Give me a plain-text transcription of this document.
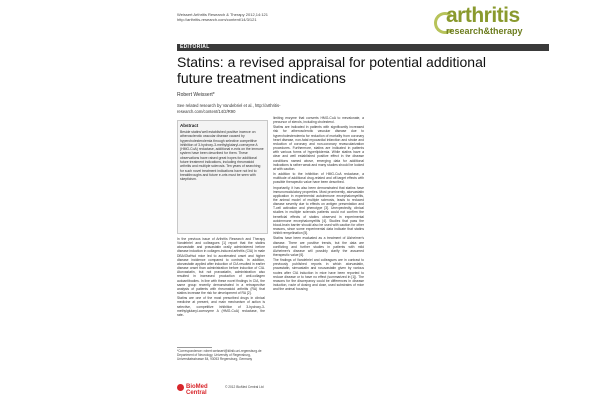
Weissert Arthritis Research & Therapy 2012,14:121
http://arthritis-research.com/content/14/3/121	arthritis
research&therapy
EDITORIAL
Statins: a revised appraisal for potential additional future treatment indications
Robert Weissert*
See related research by Vandebriel et al., http://arthritis-research.com/content/14/2/R90
Abstract

Beside statins'well established positive incence on atherosclerotic vascular disease caused by hypercholesterolemia through selective competitive inhibition of 3-hydroxy-3-methylglutaryl-coenzyme A (HMG-CoA) reductase, additional e-ects on the immune system have been described for them. These observations have raised great hopes for additional future treatment indications, including rheumatoid arthritis and multiple sclerosis. Ten years of searching for such novel treatment indications have not led to breakthroughs and future e-orts must be seen with skepticism.

In the previous issue of Arthritis Research and Therapy Vandebriel and colleagues [1] report that the statins atorvastatin and pravastatin orally administered before disease induction in collagen-induced arthritis (CIA) in male DBA/OlaHsd mice led to accelerated onset and higher disease incidence compared to controls. In addition, atorvastatin applied after induction of CIA resulted in earlier disease onset than administration before induction of CIA. Atorvastatin, but not pravastatin, administration also resulted in increased production of anti-collagen autoantibodies. In line with these novel findings in CIA, the same group recently demonstrated in a retrospective analysis of patients with rheumatoid arthritis (RA) that statins increase the risk for development of RA [2].

Statins are one of the most prescribed drugs in clinical medicine at present, and main mechanism of action is selective, competitive inhibition of 3-hydroxy-3-methylglutaryl-coenzyme A (HMG-CoA) reductase, the rate-

*Correspondence: robert.weissert@klinik.uni-regensburg.de Department of Neurology, University of Regensburg, Universitatsstrasse 84, 93053 Regensburg, Germany
BioMed Central
© 2012 BioMed Central Ltd

limiting enzyme that converts HMG-CoA to mevalonate, a precursor of sterols, including cholesterol.

Statins are indicated in patients with significantly increased risk for atherosclerotic vascular disease due to hypercholesterolemia for reduction of mortality from coronary heart disease, non-fatal myocardial infarction and stroke and reduction of coronary and non-coronary revascularization procedures. Furthermore, statins are indicated in patients with various forms of hyperlipidemia. While statins have a clear and well established positive effect in the disease conditions named above, emerging data for additional indications is rather weak and many studies should be looked at with caution.

In addition to the inhibition of HMG-CoA reductase, a multitude of additional drug-related and off-target effects with possible therapeutic value have been described.

Importantly, it has also been demonstrated that statins have immunomodulatory properties. Most prominently, atorvastatin application in experimental autoimmune encephalomyelitis, the animal model of multiple sclerosis, leads to reduced disease severity due to effects on antigen presentation and T-cell activation and phenotype [3]. Unexpectedly, clinical studies in multiple sclerosis patients could not confirm the beneficial effects of statins observed in experimental autoimmune encephalomyelitis [4]. Studies that pass the blood-brain barrier should also be used with caution for other reasons, since some experimental data indicate that statins inhibit remyelination [5].

Statins have been evaluated as a treatment of Alzheimer's disease. There are positive trends, but the data are conflicting and further studies in patients with mild Alzheimer's disease will possibly clarify the assumed therapeutic value [6].

The findings of Vandebriel and colleagues are in contrast to previously published reports in which atorvastatin, pravastatin, simvastatin and rosuvastatin given by various routes after CIA induction in mice have been reported to reduce disease or to have no effect (summarized in [1]). The reasons for the discrepancy could be differences in disease induction, route of dosing and dose, used substrains of mice and the animal housing
